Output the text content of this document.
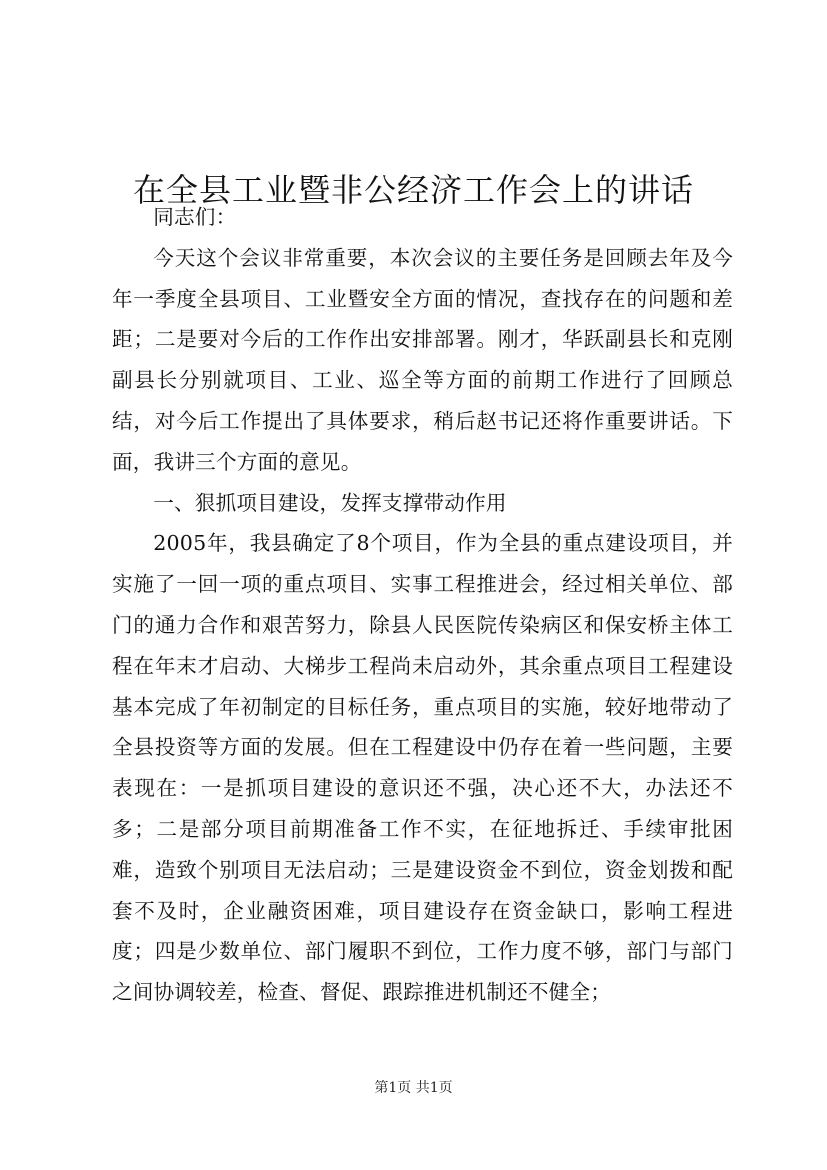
在全县工业暨非公经济工作会上的讲话

同志们：

今天这个会议非常重要，本次会议的主要任务是回顾去年及今年一季度全县项目、工业暨安全方面的情况，查找存在的问题和差距；二是要对今后的工作作出安排部署。刚才，华跃副县长和克刚副县长分别就项目、工业、巡全等方面的前期工作进行了回顾总结，对今后工作提出了具体要求，稍后赵书记还将作重要讲话。下面，我讲三个方面的意见。

一、狠抓项目建设，发挥支撑带动作用

2005年，我县确定了8个项目，作为全县的重点建设项目，并实施了一回一项的重点项目、实事工程推进会，经过相关单位、部门的通力合作和艰苦努力，除县人民医院传染病区和保安桥主体工程在年末才启动、大梯步工程尚未启动外，其余重点项目工程建设基本完成了年初制定的目标任务，重点项目的实施，较好地带动了全县投资等方面的发展。但在工程建设中仍存在着一些问题，主要表现在：一是抓项目建设的意识还不强，决心还不大，办法还不多；二是部分项目前期准备工作不实，在征地拆迁、手续审批困难，造致个别项目无法启动；三是建设资金不到位，资金划拨和配套不及时，企业融资困难，项目建设存在资金缺口，影响工程进度；四是少数单位、部门履职不到位，工作力度不够，部门与部门之间协调较差，检查、督促、跟踪推进机制还不健全；

第1页 共1页
